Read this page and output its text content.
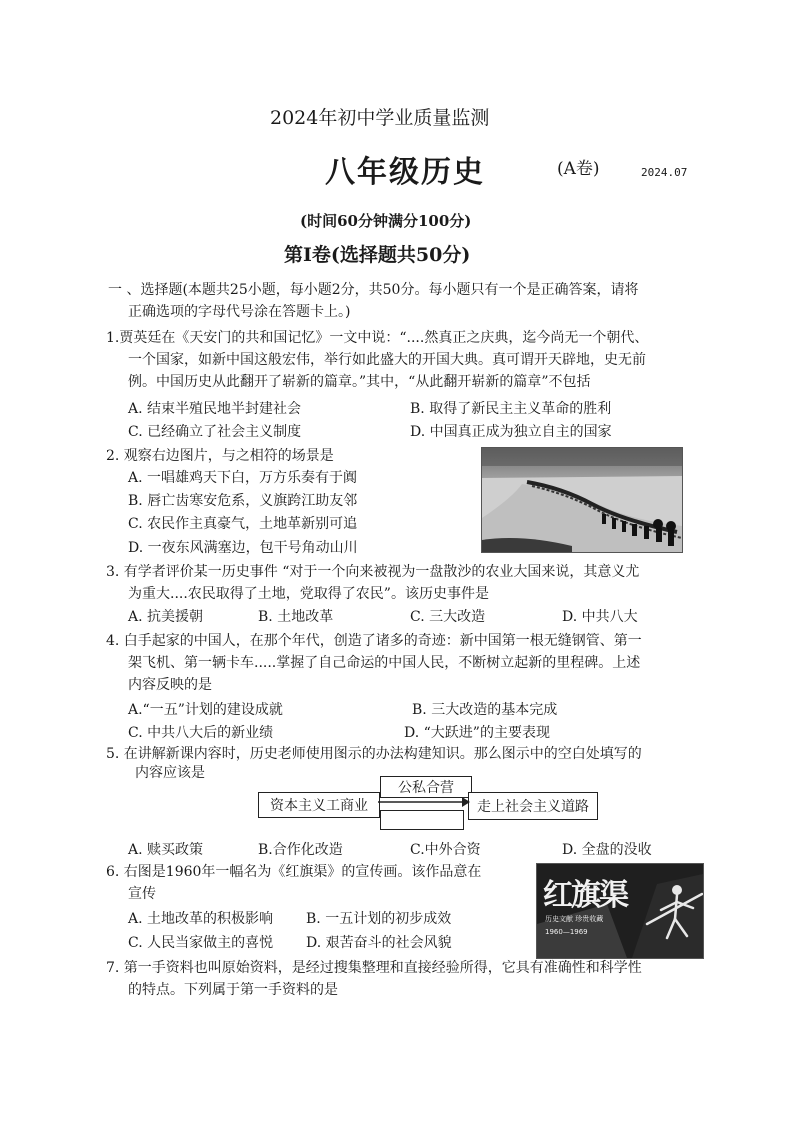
2024年初中学业质量监测
八年级历史	(A卷)	2024.07
(时间60分钟满分100分)
第I卷(选择题共50分)
一 、选择题(本题共25小题，每小题2分，共50分。每小题只有一个是正确答案，请将
正确选项的字母代号涂在答题卡上。)
1.贾英廷在《天安门的共和国记忆》一文中说：“....然真正之庆典，迄今尚无一个朝代、
一个国家，如新中国这般宏伟，举行如此盛大的开国大典。真可谓开天辟地，史无前
例。中国历史从此翻开了崭新的篇章。”其中，“从此翻开崭新的篇章”不包括
A. 结束半殖民地半封建社会	B. 取得了新民主主义革命的胜利
C. 已经确立了社会主义制度	D. 中国真正成为独立自主的国家
2. 观察右边图片，与之相符的场景是
A. 一唱雄鸡天下白，万方乐奏有于阗
B. 唇亡齿寒安危系，义旗跨江助友邻
C. 农民作主真豪气，土地革新别可追
D. 一夜东风满塞边，包干号角动山川
3. 有学者评价某一历史事件 “对于一个向来被视为一盘散沙的农业大国来说，其意义尤
为重大....农民取得了土地，党取得了农民”。该历史事件是
A. 抗美援朝	B. 土地改革	C. 三大改造	D. 中共八大
4. 白手起家的中国人，在那个年代，创造了诸多的奇迹：新中国第一根无缝钢管、第一
架飞机、第一辆卡车.....掌握了自己命运的中国人民，不断树立起新的里程碑。上述
内容反映的是
A.“一五”计划的建设成就	B. 三大改造的基本完成
C. 中共八大后的新业绩	D. “大跃进”的主要表现
5. 在讲解新课内容时，历史老师使用图示的办法构建知识。那么图示中的空白处填写的
内容应该是
公私合营
资本主义工商业	走上社会主义道路
A. 赎买政策	B.合作化改造	C.中外合资	D. 全盘的没收
6. 右图是1960年一幅名为《红旗渠》的宣传画。该作品意在
宣传
A. 土地改革的积极影响 B. 一五计划的初步成效
C. 人民当家做主的喜悦 D. 艰苦奋斗的社会风貌
红旗渠
历史文献 珍贵收藏
1960—1969
7. 第一手资料也叫原始资料，是经过搜集整理和直接经验所得，它具有准确性和科学性
的特点。下列属于第一手资料的是
